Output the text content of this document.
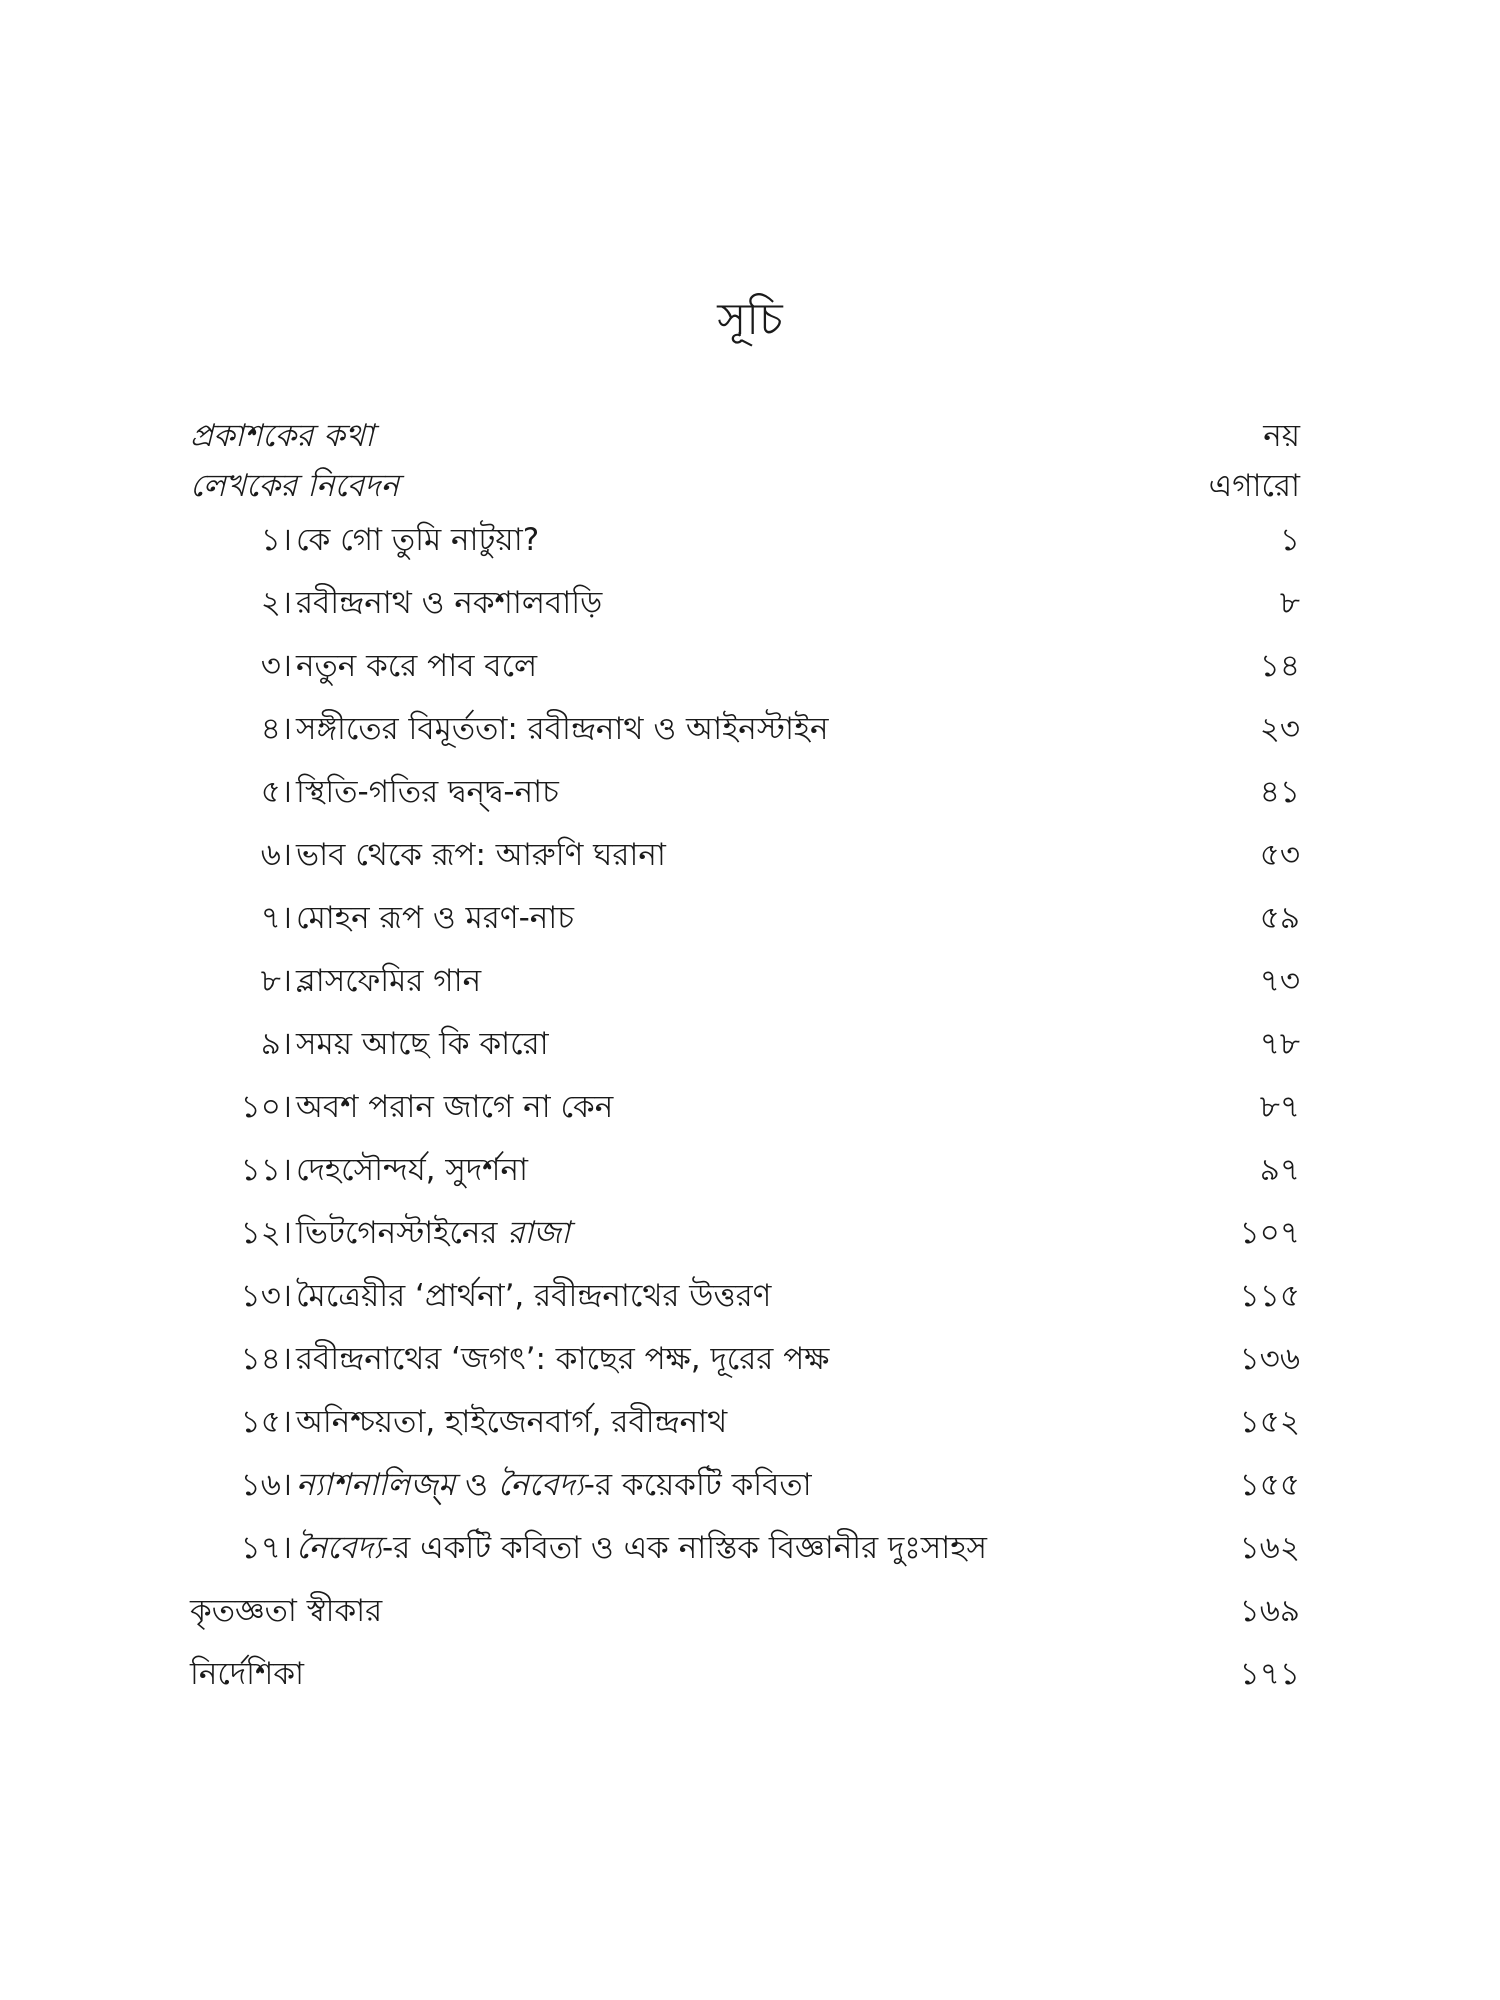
সূচি
প্রকাশকের কথা	নয়
লেখকের নিবেদন	এগারো
১। কে গো তুমি নাটুয়া?	১
২। রবীন্দ্রনাথ ও নকশালবাড়ি	৮
৩। নতুন করে পাব বলে	১৪
৪। সঙ্গীতের বিমূর্ততা: রবীন্দ্রনাথ ও আইনস্টাইন	২৩
৫। স্থিতি-গতির দ্বন্দ্ব-নাচ	৪১
৬। ভাব থেকে রূপ: আরুণি ঘরানা	৫৩
৭। মোহন রূপ ও মরণ-নাচ	৫৯
৮। ব্লাসফেমির গান	৭৩
৯। সময় আছে কি কারো	৭৮
১০। অবশ পরান জাগে না কেন	৮৭
১১। দেহসৌন্দর্য, সুদর্শনা	৯৭
১২। ভিটগেনস্টাইনের রাজা	১০৭
১৩। মৈত্রেয়ীর ‘প্রার্থনা’, রবীন্দ্রনাথের উত্তরণ	১১৫
১৪। রবীন্দ্রনাথের ‘জগৎ’: কাছের পক্ষ, দূরের পক্ষ	১৩৬
১৫। অনিশ্চয়তা, হাইজেনবার্গ, রবীন্দ্রনাথ	১৫২
১৬। ন্যাশনালিজ্‌ম ও নৈবেদ্য-র কয়েকটি কবিতা	১৫৫
১৭। নৈবেদ্য-র একটি কবিতা ও এক নাস্তিক বিজ্ঞানীর দুঃসাহস	১৬২
কৃতজ্ঞতা স্বীকার	১৬৯
নির্দেশিকা	১৭১
